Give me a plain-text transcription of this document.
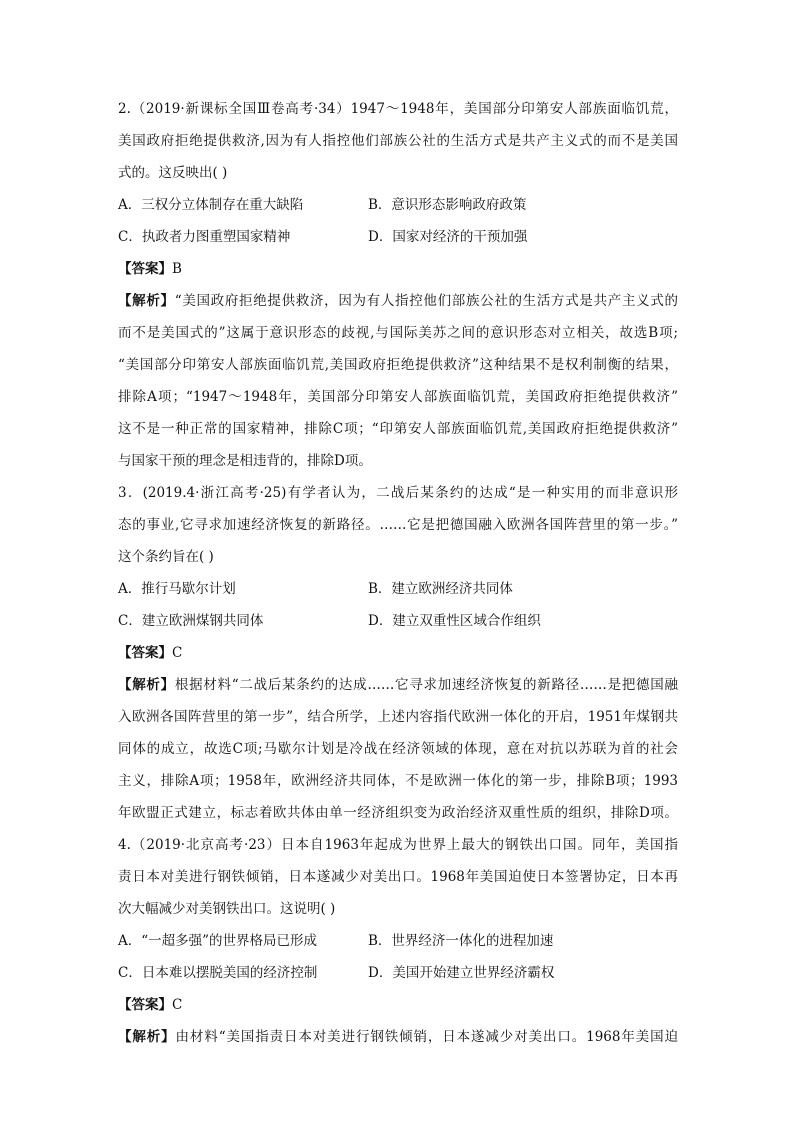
2.（2019·新课标全国Ⅲ卷高考·34）1947～1948年，美国部分印第安人部族面临饥荒，
美国政府拒绝提供救济,因为有人指控他们部族公社的生活方式是共产主义式的而不是美国
式的。这反映出( )
A．三权分立体制存在重大缺陷	B．意识形态影响政府政策
C．执政者力图重塑国家精神	D．国家对经济的干预加强
【答案】B
【解析】“美国政府拒绝提供救济，因为有人指控他们部族公社的生活方式是共产主义式的
而不是美国式的”这属于意识形态的歧视,与国际美苏之间的意识形态对立相关，故选B项;
“美国部分印第安人部族面临饥荒,美国政府拒绝提供救济”这种结果不是权利制衡的结果，
排除A项；“1947～1948年，美国部分印第安人部族面临饥荒，美国政府拒绝提供救济”
这不是一种正常的国家精神，排除C项；“印第安人部族面临饥荒,美国政府拒绝提供救济”
与国家干预的理念是相违背的，排除D项。
3．(2019.4·浙江高考·25)有学者认为，二战后某条约的达成“是一种实用的而非意识形
态的事业,它寻求加速经济恢复的新路径。……它是把德国融入欧洲各国阵营里的第一步。”
这个条约旨在( )
A．推行马歇尔计划	B．建立欧洲经济共同体
C．建立欧洲煤钢共同体	D．建立双重性区域合作组织
【答案】C
【解析】根据材料“二战后某条约的达成……它寻求加速经济恢复的新路径……是把德国融
入欧洲各国阵营里的第一步”，结合所学，上述内容指代欧洲一体化的开启，1951年煤钢共
同体的成立，故选C项;马歇尔计划是冷战在经济领域的体现，意在对抗以苏联为首的社会
主义，排除A项；1958年，欧洲经济共同体，不是欧洲一体化的第一步，排除B项；1993
年欧盟正式建立，标志着欧共体由单一经济组织变为政治经济双重性质的组织，排除D项。
4.（2019·北京高考·23）日本自1963年起成为世界上最大的钢铁出口国。同年，美国指
责日本对美进行钢铁倾销，日本遂减少对美出口。1968年美国迫使日本签署协定，日本再
次大幅减少对美钢铁出口。这说明( )
A．“一超多强”的世界格局已形成	B．世界经济一体化的进程加速
C．日本难以摆脱美国的经济控制	D．美国开始建立世界经济霸权
【答案】C
【解析】由材料“美国指责日本对美进行钢铁倾销，日本遂减少对美出口。1968年美国迫
